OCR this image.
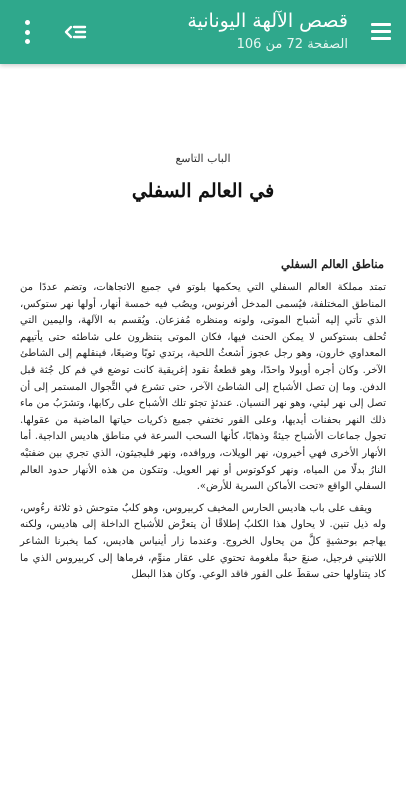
قصص الآلهة اليونانية
الصفحة 72 من 106
الباب التاسع
في العالم السفلي
مناطق العالم السفلي

تمتد مملكة العالم السفلي التي يحكمها بلوتو في جميع الاتجاهات، وتضم عددًا من المناطق المختلفة، فيُسمى المدخل أفرنوس، ويصُب فيه خمسة أنهار، أولها نهر ستوكس، الذي تأتي إليه أشباح الموتى، ولونه ومنظره مُفزعان. ويُقسم به الآلهة، واليمين التي تُحلف بستوكس لا يمكن الحنث فيها، فكان الموتى ينتظرون على شاطئه حتى يأتيهم المعداوي خارون، وهو رجل عجوز أشعثُ اللحية، يرتدي ثوبًا وضيعًا، فينقلهم إلى الشاطئ الآخر. وكان أجره أوبولا واحدًا، وهو قطعةُ نقود إغريقية كانت توضع في فم كل جُثة قبل الدفن. وما إن تصل الأشباح إلى الشاطئ الآخر، حتى تشرع في التَّجوال المستمر إلى أن تصل إلى نهر ليثي، وهو نهر النسيان. عندئذٍ تجثو تلك الأشباح على ركابها، وتشرَبُ من ماء ذلك النهر بحفنات أيديها، وعلى الفور تختفي جميع ذكريات حياتها الماضية من عقولها. تجول جماعات الأشباح جيئةً وذهابًا، كأنها السحب السرعة في مناطق هاديس الداجية. أما الأنهار الأخرى فهي أخيرون، نهر الويلات، وروافده، ونهر فليجيثون، الذي تجري بين ضفتيْه النارُ بدلًا من المياه، ونهر كوكوتوس أو نهر العويل. وتتكون من هذه الأنهار حدود العالم السفلي الواقع «تحت الأماكن السرية للأرض».

ويقف على باب هاديس الحارس المخيف كربيروس، وهو كلبٌ متوحش ذو ثلاثة رءُوس، وله ذيل تنين. لا يحاول هذا الكلبُ إطلاقًا أن يتعرَّض للأشباح الداخلة إلى هاديس، ولكنه يهاجم بوحشيةٍ كلَّ من يحاول الخروج. وعندما زار أينياس هاديس، كما يخبرنا الشاعر اللاتيني فرجيل، صنعَ حبةً ملغومة تحتوي على عقار منوِّم، فرماها إلى كربيروس الذي ما كاد يتناولها حتى سقطَ على الفور فاقد الوعي. وكان هذا البطل
